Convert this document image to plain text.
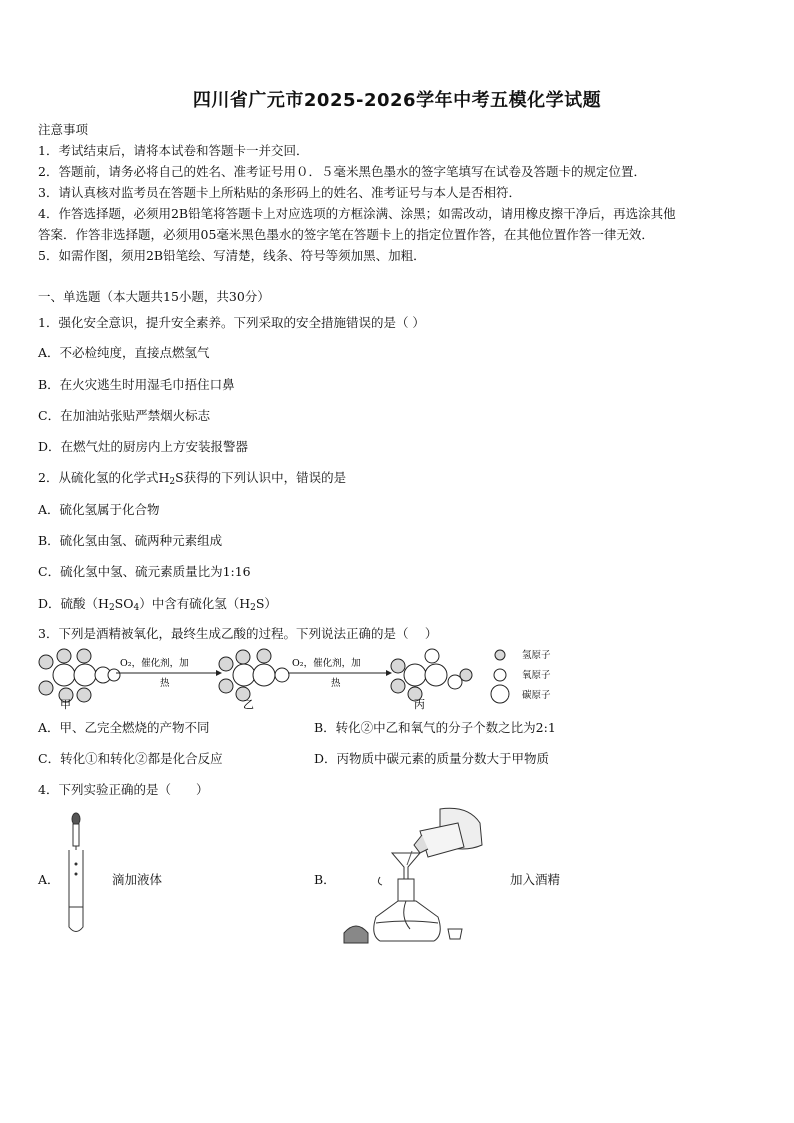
四川省广元市2025-2026学年中考五模化学试题
注意事项
1．考试结束后，请将本试卷和答题卡一并交回．
2．答题前，请务必将自己的姓名、准考证号用０．５毫米黑色墨水的签字笔填写在试卷及答题卡的规定位置．
3．请认真核对监考员在答题卡上所粘贴的条形码上的姓名、准考证号与本人是否相符．
4．作答选择题，必须用2B铅笔将答题卡上对应选项的方框涂满、涂黑；如需改动，请用橡皮擦干净后，再选涂其他
答案．作答非选择题，必须用05毫米黑色墨水的签字笔在答题卡上的指定位置作答，在其他位置作答一律无效．
5．如需作图，须用2B铅笔绘、写清楚，线条、符号等须加黑、加粗．
一、单选题（本大题共15小题，共30分）
1．强化安全意识，提升安全素养。下列采取的安全措施错误的是（ ）
A．不必检纯度，直接点燃氢气
B．在火灾逃生时用湿毛巾捂住口鼻
C．在加油站张贴严禁烟火标志
D．在燃气灶的厨房内上方安装报警器
2．从硫化氢的化学式$H_2S$获得的下列认识中，错误的是
A．硫化氢属于化合物
B．硫化氢由氢、硫两种元素组成
C．硫化氢中氢、硫元素质量比为1:16
D．硫酸$(H_2SO_4)$中含有硫化氢$(H_2S)$
3．下列是酒精被氧化，最终生成乙酸的过程。下列说法正确的是（　 ）
O₂，催化剂，加
热
O₂，催化剂，加
热
甲	乙	丙
氢原子
氧原子
碳原子
A．甲、乙完全燃烧的产物不同	B．转化②中乙和氧气的分子个数之比为2:1
C．转化①和转化②都是化合反应	D．丙物质中碳元素的质量分数大于甲物质
4．下列实验正确的是（　　）
A．	滴加液体	B．	加入酒精
